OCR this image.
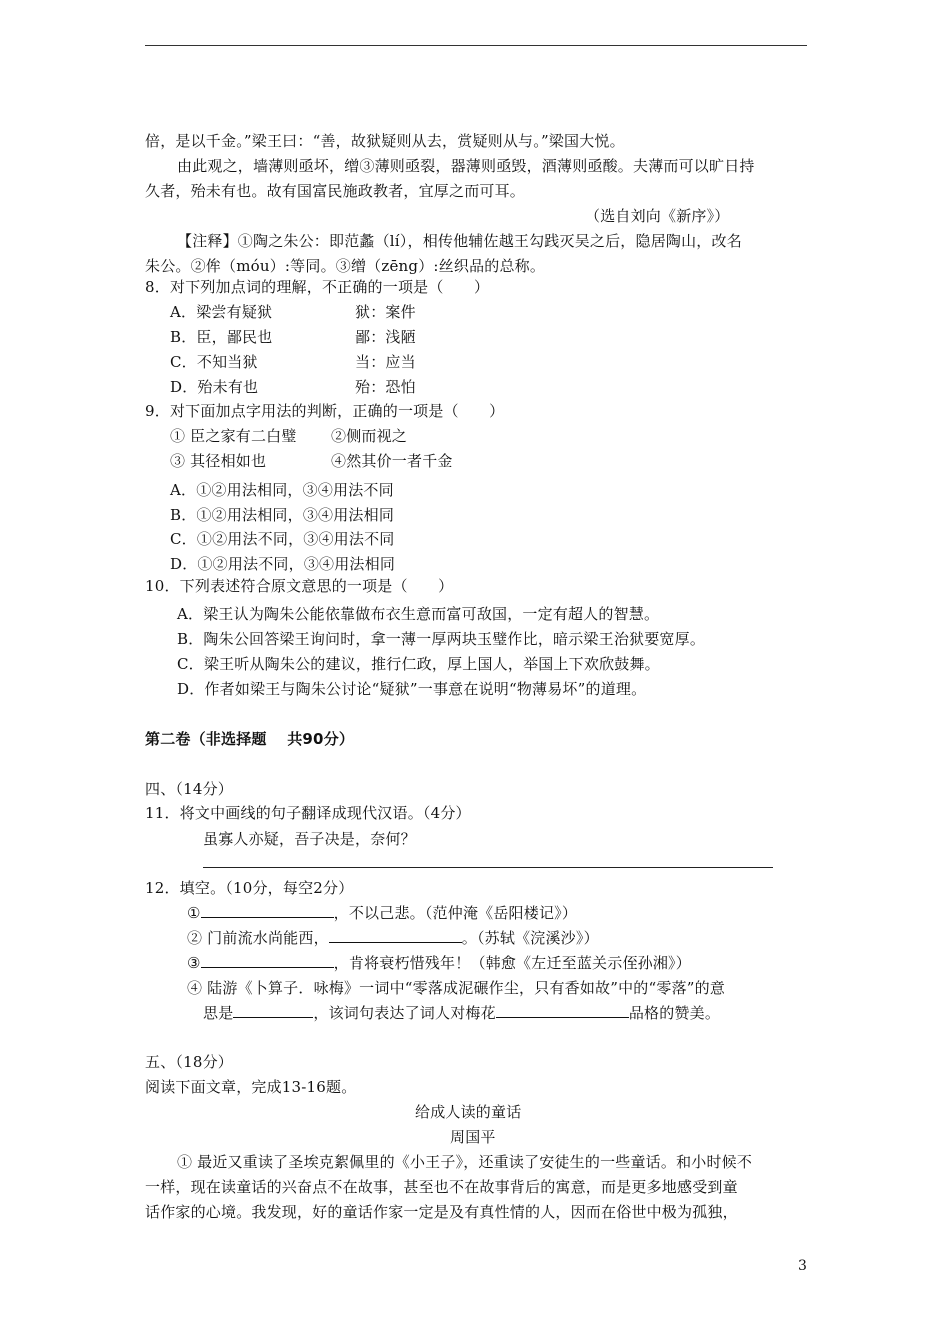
倍，是以千金。”梁王曰：“善，故狱疑则从去，赏疑则从与。”梁国大悦。
由此观之，墙薄则亟坏，缯③薄则亟裂，器薄则亟毁，酒薄则亟酸。夫薄而可以旷日持
久者，殆未有也。故有国富民施政教者，宜厚之而可耳。
（选自刘向《新序》）
【注释】①陶之朱公：即范蠡（lí），相传他辅佐越王勾践灭吴之后，隐居陶山，改名
朱公。②侔（móu）:等同。③缯（zēng）:丝织品的总称。
8．对下列加点词的理解，不正确的一项是（　　）
A．梁尝有疑狱	狱：案件
B．臣，鄙民也	鄙：浅陋
C．不知当狱	当：应当
D．殆未有也	殆：恐怕
9．对下面加点字用法的判断，正确的一项是（　　）
① 臣之家有二白璧 ②侧而视之
③ 其径相如也	④然其价一者千金
A．①②用法相同，③④用法不同
B．①②用法相同，③④用法相同
C．①②用法不同，③④用法不同
D．①②用法不同，③④用法相同
10．下列表述符合原文意思的一项是（　　）
A．梁王认为陶朱公能依靠做布衣生意而富可敌国，一定有超人的智慧。
B．陶朱公回答梁王询问时，拿一薄一厚两块玉璧作比，暗示梁王治狱要宽厚。
C．梁王听从陶朱公的建议，推行仁政，厚上国人，举国上下欢欣鼓舞。
D．作者如梁王与陶朱公讨论“疑狱”一事意在说明“物薄易坏”的道理。
第二卷（非选择题　 共90分）
四、（14分）
11．将文中画线的句子翻译成现代汉语。（4分）
虽寡人亦疑，吾子决是，奈何？
12．填空。（10分，每空2分）
①	，不以己悲。（范仲淹《岳阳楼记》）
② 门前流水尚能西，	。（苏轼《浣溪沙》）
③	，肯将衰朽惜残年！（韩愈《左迁至蓝关示侄孙湘》）
④ 陆游《卜算子．咏梅》一词中“零落成泥碾作尘，只有香如故”中的“零落”的意
思是	，该词句表达了词人对梅花	品格的赞美。
五、（18分）
阅读下面文章，完成13-16题。
给成人读的童话
周国平
① 最近又重读了圣埃克絮佩里的《小王子》，还重读了安徒生的一些童话。和小时候不
一样，现在读童话的兴奋点不在故事，甚至也不在故事背后的寓意，而是更多地感受到童
话作家的心境。我发现，好的童话作家一定是及有真性情的人，因而在俗世中极为孤独，
3
